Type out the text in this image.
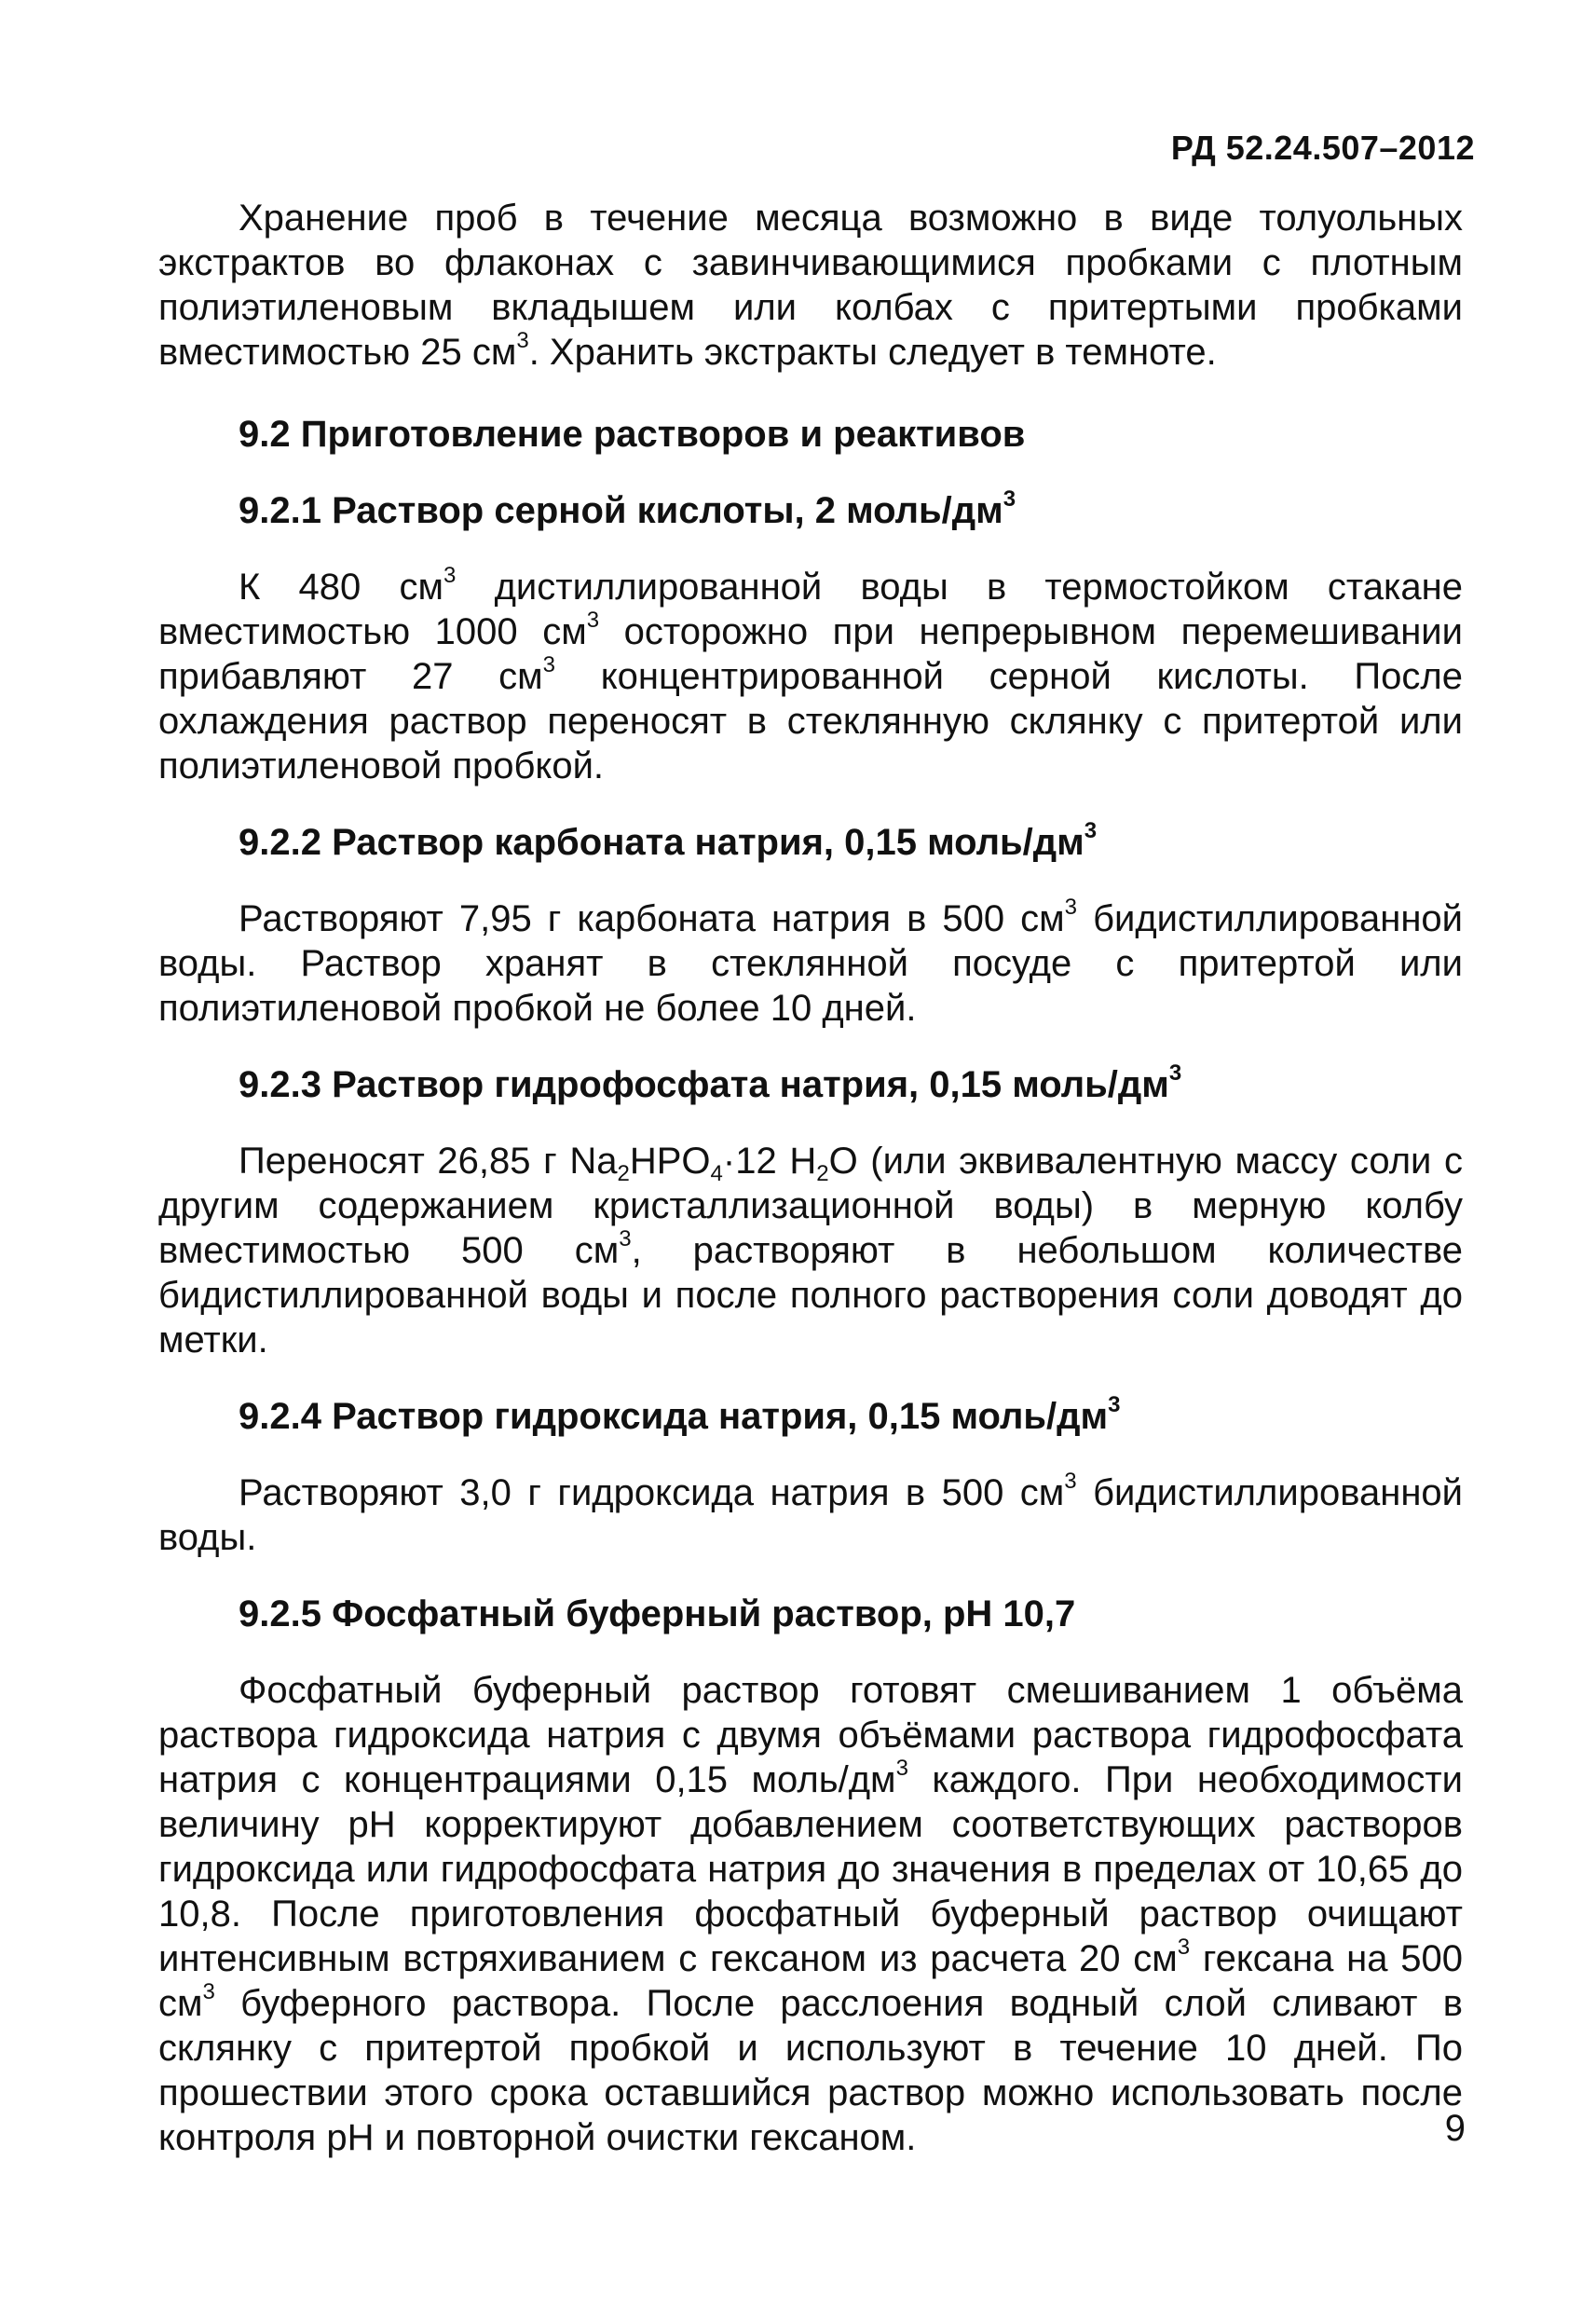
РД 52.24.507–2012

Хранение проб в течение месяца возможно в виде толуольных экстрактов во флаконах с завинчивающимися пробками с плотным полиэтиленовым вкладышем или колбах с притертыми пробками вместимостью 25 $см^3$. Хранить экстракты следует в темноте.

9.2 Приготовление растворов и реактивов

9.2.1 Раствор серной кислоты, 2 моль/$дм^3$

К 480 $см^3$ дистиллированной воды в термостойком стакане вместимостью 1000 $см^3$ осторожно при непрерывном перемешивании прибавляют 27 $см^3$ концентрированной серной кислоты. После охлаждения раствор переносят в стеклянную склянку с притертой или полиэтиленовой пробкой.

9.2.2 Раствор карбоната натрия, 0,15 моль/$дм^3$

Растворяют 7,95 г карбоната натрия в 500 $см^3$ бидистиллированной воды. Раствор хранят в стеклянной посуде с притертой или полиэтиленовой пробкой не более 10 дней.

9.2.3 Раствор гидрофосфата натрия, 0,15 моль/$дм^3$

Переносят 26,85 г $Na_2HPO_4\cdot 12$ $H_2O$ (или эквивалентную массу соли с другим содержанием кристаллизационной воды) в мерную колбу вместимостью 500 $см^3$, растворяют в небольшом количестве бидистиллированной воды и после полного растворения соли доводят до метки.

9.2.4 Раствор гидроксида натрия, 0,15 моль/$дм^3$

Растворяют 3,0 г гидроксида натрия в 500 $см^3$ бидистиллированной воды.

9.2.5 Фосфатный буферный раствор, pH 10,7

Фосфатный буферный раствор готовят смешиванием 1 объёма раствора гидроксида натрия с двумя объёмами раствора гидрофосфата натрия с концентрациями 0,15 моль/$дм^3$ каждого. При необходимости величину pH корректируют добавлением соответствующих растворов гидроксида или гидрофосфата натрия до значения в пределах от 10,65 до 10,8. После приготовления фосфатный буферный раствор очищают интенсивным встряхиванием с гексаном из расчета 20 $см^3$ гексана на 500 $см^3$ буферного раствора. После расслоения водный слой сливают в склянку с притертой пробкой и используют в течение 10 дней. По прошествии этого срока оставшийся раствор можно использовать после контроля pH и повторной очистки гексаном.	9
